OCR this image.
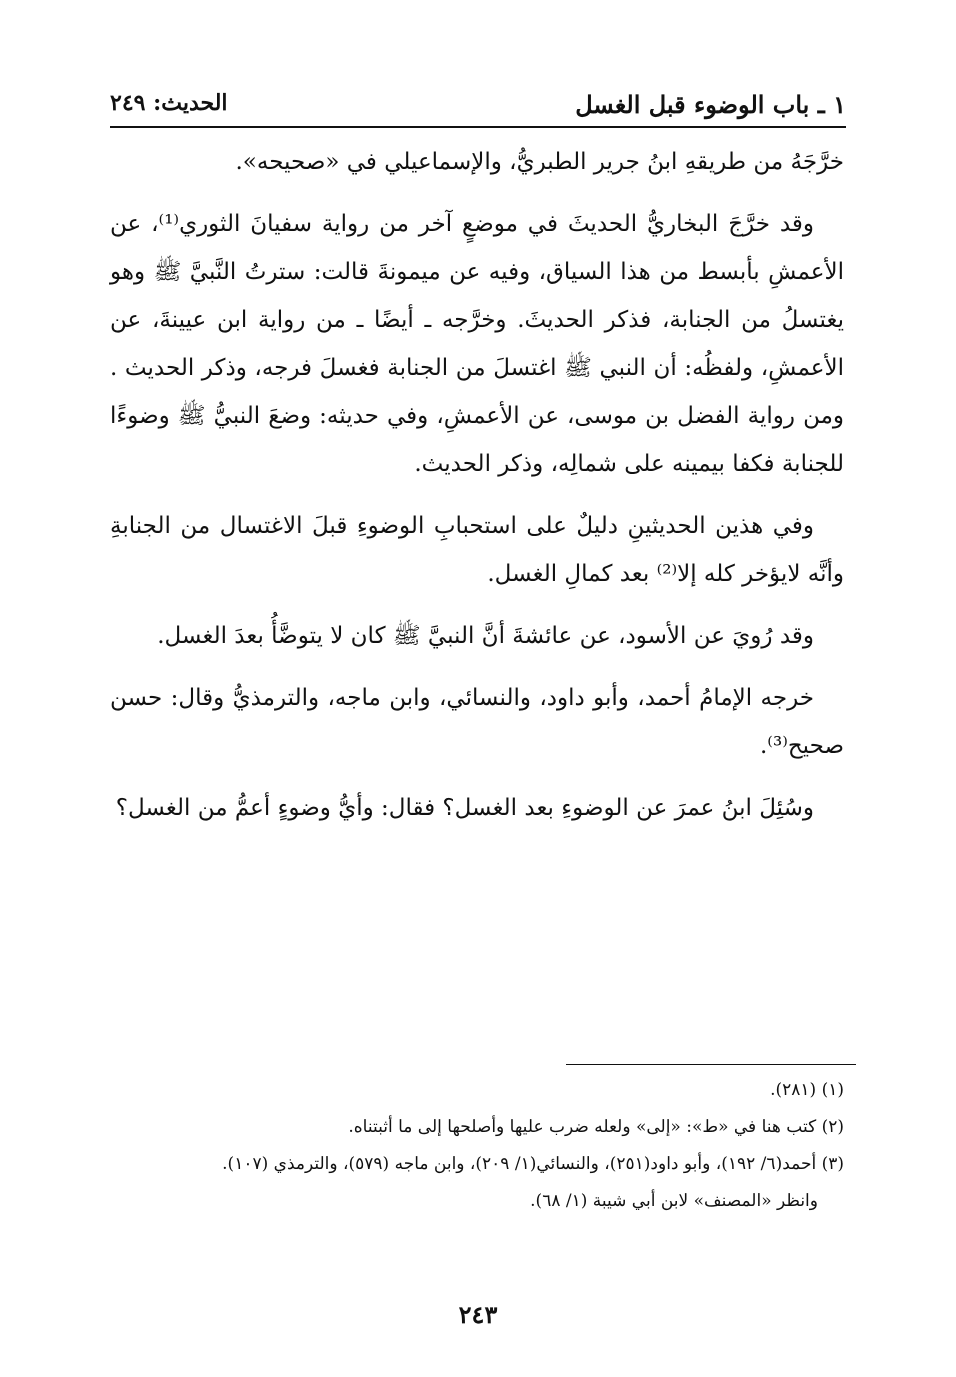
١ ـ باب الوضوء قبل الغسل
الحديث: ٢٤٩

خرَّجَهُ من طريقهِ ابنُ جرير الطبريُّ، والإسماعيلي في «صحيحه».

وقد خرَّجَ البخاريُّ الحديثَ في موضعٍ آخر من رواية سفيانَ الثوري⁽¹⁾، عن الأعمشِ بأبسط من هذا السياق، وفيه عن ميمونةَ قالت: سترتُ النَّبيَّ ﷺ وهو يغتسلُ من الجنابة، فذكر الحديثَ. وخرَّجه ـ أيضًا ـ من رواية ابن عيينةَ، عن الأعمشِ، ولفظُه: أن النبي ﷺ اغتسلَ من الجنابة فغسلَ فرجه، وذكر الحديث . ومن رواية الفضل بن موسى، عن الأعمشِ، وفي حديثه: وضعَ النبيُّ ﷺ وضوءًا للجنابة فكفا بيمينه على شمالِه، وذكر الحديث.

وفي هذين الحديثينِ دليلٌ على استحبابِ الوضوءِ قبلَ الاغتسال من الجنابةِ وأنَّه لايؤخر كله إلا⁽²⁾ بعد كمالِ الغسل.

وقد رُويَ عن الأسود، عن عائشةَ أنَّ النبيَّ ﷺ كان لا يتوضَّأُ بعدَ الغسل.

خرجه الإمامُ أحمد، وأبو داود، والنسائي، وابن ماجه، والترمذيُّ وقال: حسن صحيح⁽³⁾.

وسُئِلَ ابنُ عمرَ عن الوضوءِ بعد الغسل؟ فقال: وأيُّ وضوءٍ أعمُّ من الغسل؟

(١) (٢٨١).

(٢) كتب هنا في «ط»: «إلى» ولعله ضرب عليها وأصلحها إلى ما أثبتناه.

(٣) أحمد(٦/ ١٩٢)، وأبو داود(٢٥١)، والنسائي(١/ ٢٠٩)، وابن ماجه (٥٧٩)، والترمذي (١٠٧).

وانظر «المصنف» لابن أبي شيبة (١/ ٦٨).

٢٤٣
